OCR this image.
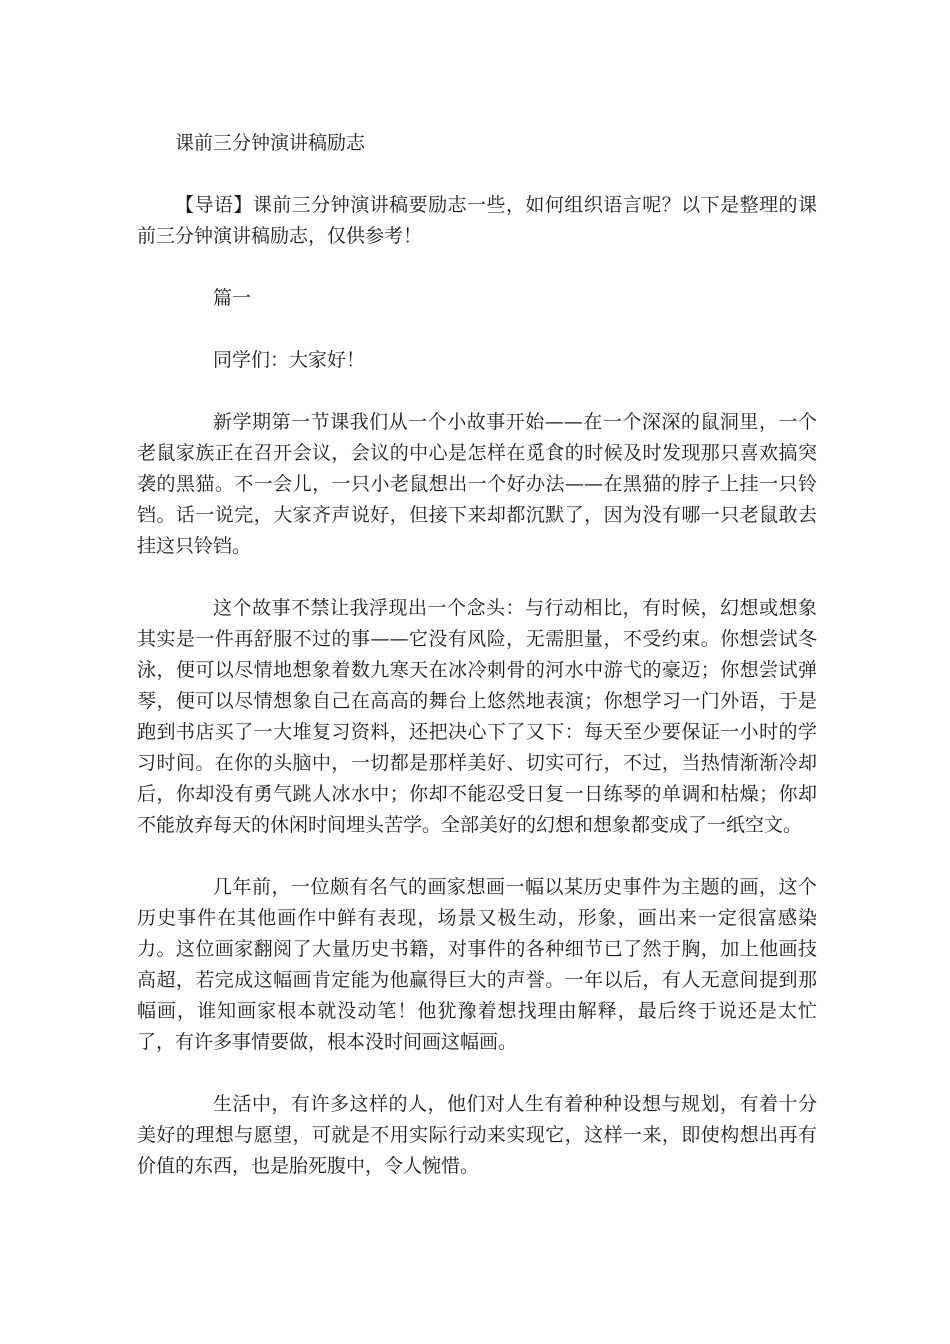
课前三分钟演讲稿励志
【导语】课前三分钟演讲稿要励志一些，如何组织语言呢？以下是整理的课前三分钟演讲稿励志，仅供参考！
篇一
同学们：大家好！
新学期第一节课我们从一个小故事开始——在一个深深的鼠洞里，一个老鼠家族正在召开会议，会议的中心是怎样在觅食的时候及时发现那只喜欢搞突袭的黑猫。不一会儿，一只小老鼠想出一个好办法——在黑猫的脖子上挂一只铃铛。话一说完，大家齐声说好，但接下来却都沉默了，因为没有哪一只老鼠敢去挂这只铃铛。
这个故事不禁让我浮现出一个念头：与行动相比，有时候，幻想或想象其实是一件再舒服不过的事——它没有风险，无需胆量，不受约束。你想尝试冬泳，便可以尽情地想象着数九寒天在冰冷刺骨的河水中游弋的豪迈；你想尝试弹琴，便可以尽情想象自己在高高的舞台上悠然地表演；你想学习一门外语，于是跑到书店买了一大堆复习资料，还把决心下了又下：每天至少要保证一小时的学习时间。在你的头脑中，一切都是那样美好、切实可行，不过，当热情渐渐冷却后，你却没有勇气跳人冰水中；你却不能忍受日复一日练琴的单调和枯燥；你却不能放弃每天的休闲时间埋头苦学。全部美好的幻想和想象都变成了一纸空文。
几年前，一位颇有名气的画家想画一幅以某历史事件为主题的画，这个历史事件在其他画作中鲜有表现，场景又极生动，形象，画出来一定很富感染力。这位画家翻阅了大量历史书籍，对事件的各种细节已了然于胸，加上他画技高超，若完成这幅画肯定能为他赢得巨大的声誉。一年以后，有人无意间提到那幅画，谁知画家根本就没动笔！他犹豫着想找理由解释，最后终于说还是太忙了，有许多事情要做，根本没时间画这幅画。
生活中，有许多这样的人，他们对人生有着种种设想与规划，有着十分美好的理想与愿望，可就是不用实际行动来实现它，这样一来，即使构想出再有价值的东西，也是胎死腹中，令人惋惜。
